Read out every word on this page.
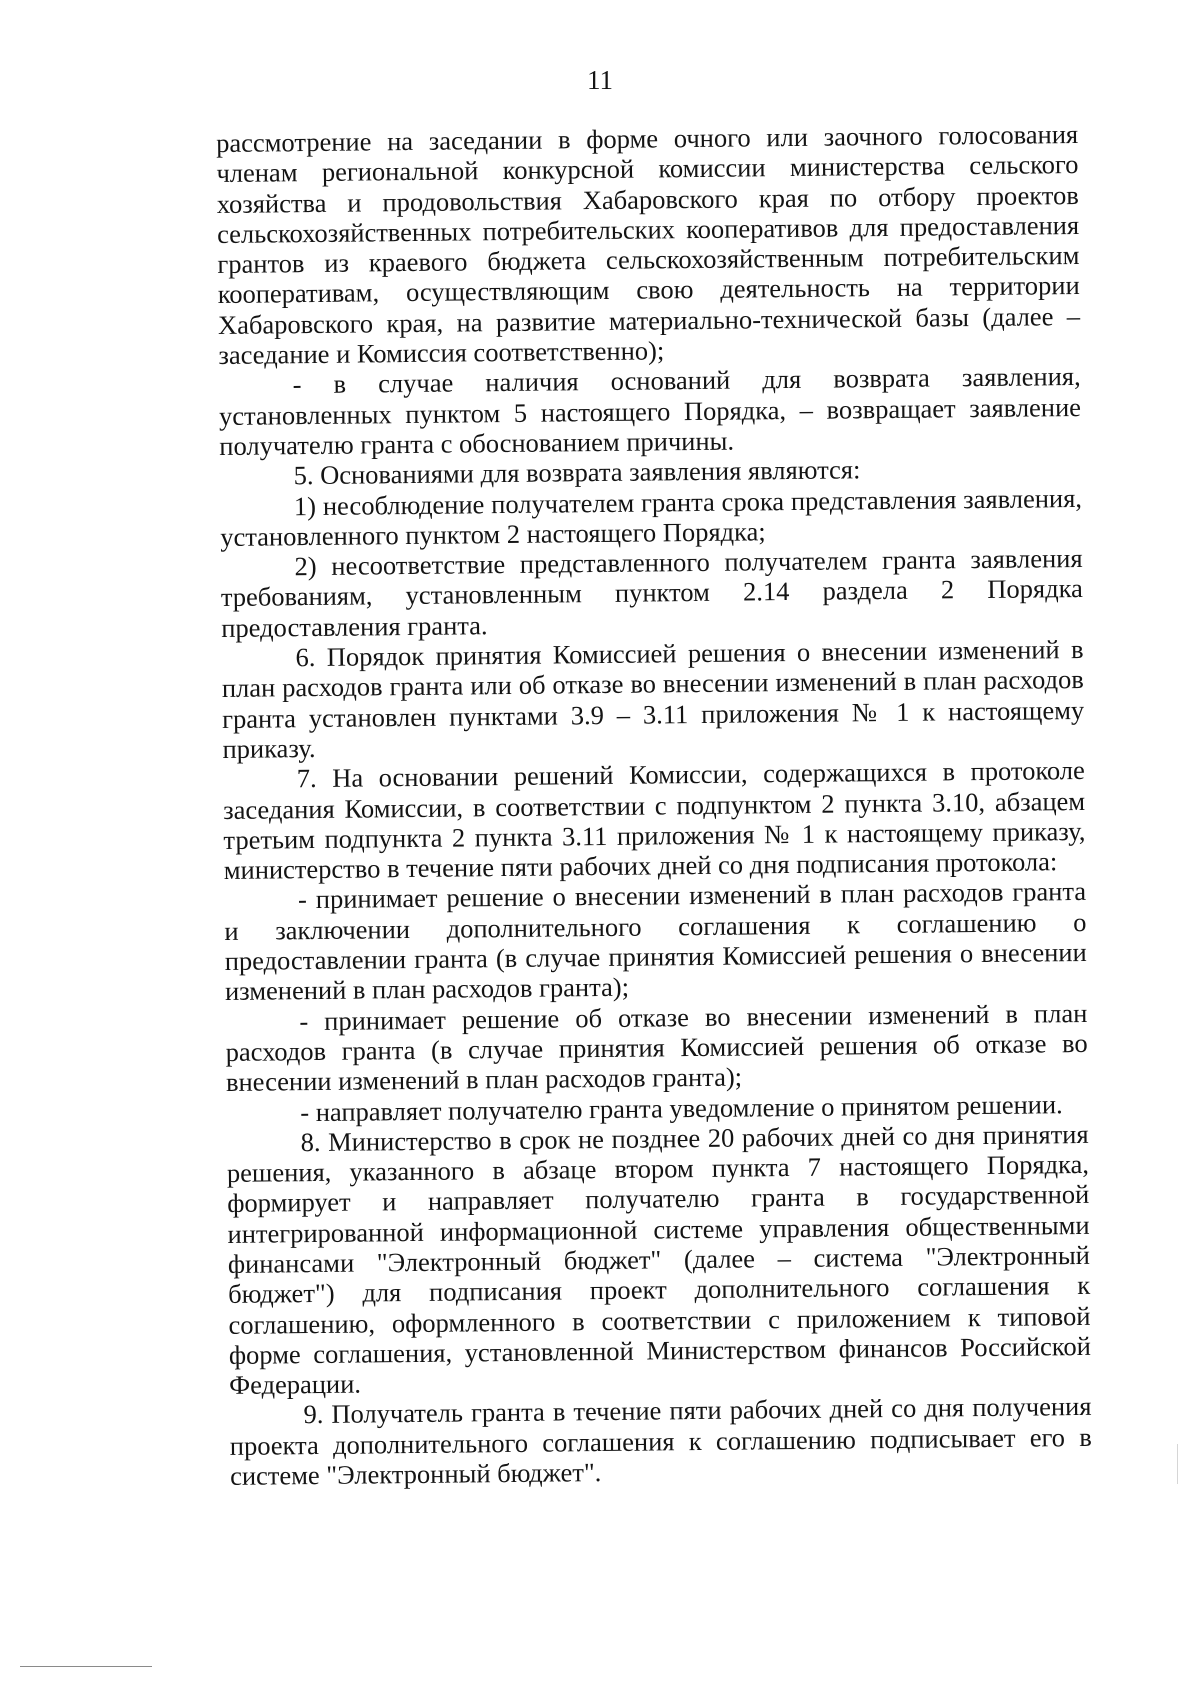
11

рассмотрение на заседании в форме очного или заочного голосования членам региональной конкурсной комиссии министерства сельского хозяйства и продовольствия Хабаровского края по отбору проектов сельскохозяйственных потребительских кооперативов для предоставления грантов из краевого бюджета сельскохозяйственным потребительским кооперативам, осуществляющим свою деятельность на территории Хабаровского края, на развитие материально-технической базы (далее – заседание и Комиссия соответственно);

- в случае наличия оснований для возврата заявления, установленных пунктом 5 настоящего Порядка, – возвращает заявление получателю гранта с обоснованием причины.

5. Основаниями для возврата заявления являются:

1) несоблюдение получателем гранта срока представления заявления, установленного пунктом 2 настоящего Порядка;

2) несоответствие представленного получателем гранта заявления требованиям, установленным пунктом 2.14 раздела 2 Порядка предоставления гранта.

6. Порядок принятия Комиссией решения о внесении изменений в план расходов гранта или об отказе во внесении изменений в план расходов гранта установлен пунктами 3.9 – 3.11 приложения № 1 к настоящему приказу.

7. На основании решений Комиссии, содержащихся в протоколе заседания Комиссии, в соответствии с подпунктом 2 пункта 3.10, абзацем третьим подпункта 2 пункта 3.11 приложения № 1 к настоящему приказу, министерство в течение пяти рабочих дней со дня подписания протокола:

- принимает решение о внесении изменений в план расходов гранта и заключении дополнительного соглашения к соглашению о предоставлении гранта (в случае принятия Комиссией решения о внесении изменений в план расходов гранта);

- принимает решение об отказе во внесении изменений в план расходов гранта (в случае принятия Комиссией решения об отказе во внесении изменений в план расходов гранта);

- направляет получателю гранта уведомление о принятом решении.

8. Министерство в срок не позднее 20 рабочих дней со дня принятия решения, указанного в абзаце втором пункта 7 настоящего Порядка, формирует и направляет получателю гранта в государственной интегрированной информационной системе управления общественными финансами "Электронный бюджет" (далее – система "Электронный бюджет") для подписания проект дополнительного соглашения к соглашению, оформленного в соответствии с приложением к типовой форме соглашения, установленной Министерством финансов Российской Федерации.

9. Получатель гранта в течение пяти рабочих дней со дня получения проекта дополнительного соглашения к соглашению подписывает его в системе "Электронный бюджет".
